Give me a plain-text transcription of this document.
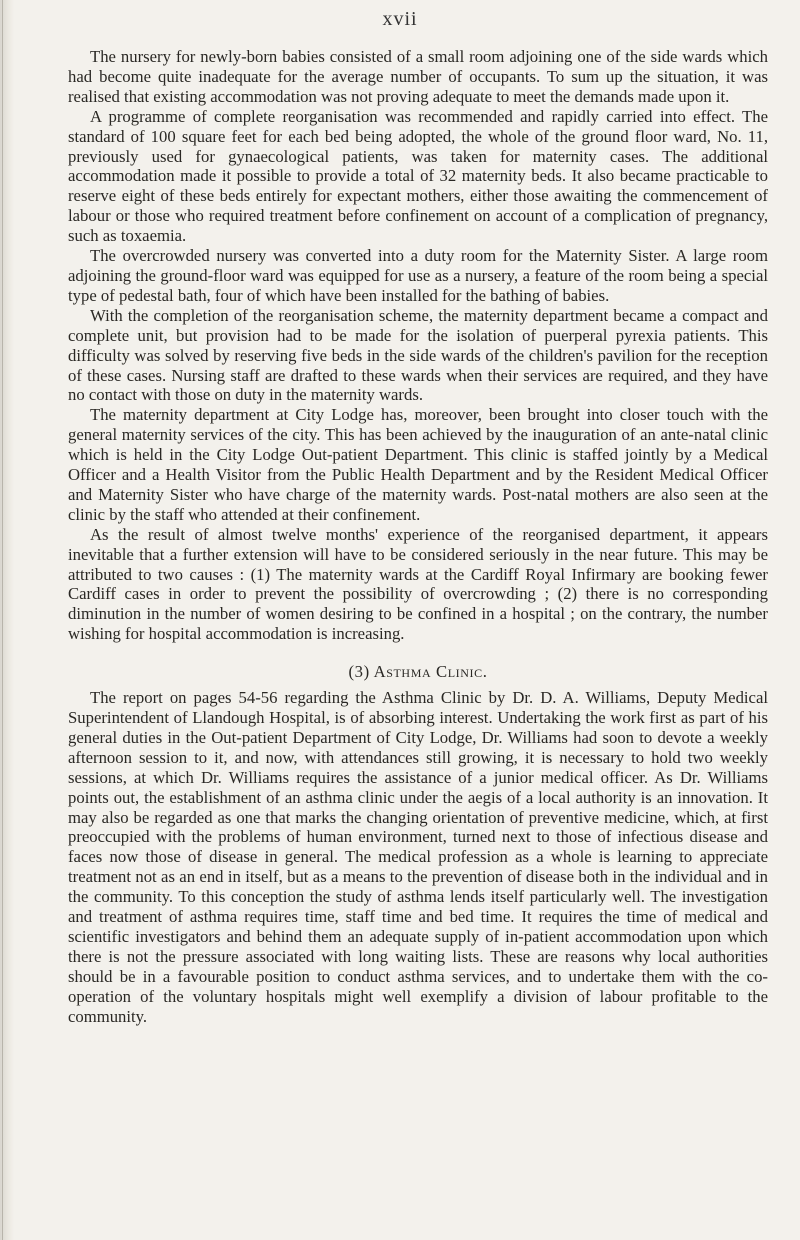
xvii

The nursery for newly-born babies consisted of a small room adjoining one of the side wards which had become quite inadequate for the average number of occupants. To sum up the situation, it was realised that existing accommodation was not proving adequate to meet the demands made upon it.

A programme of complete reorganisation was recommended and rapidly carried into effect. The standard of 100 square feet for each bed being adopted, the whole of the ground floor ward, No. 11, previously used for gynaecological patients, was taken for maternity cases. The additional accommodation made it possible to provide a total of 32 maternity beds. It also became practicable to reserve eight of these beds entirely for expectant mothers, either those awaiting the commencement of labour or those who required treatment before confinement on account of a complication of pregnancy, such as toxaemia.

The overcrowded nursery was converted into a duty room for the Maternity Sister. A large room adjoining the ground-floor ward was equipped for use as a nursery, a feature of the room being a special type of pedestal bath, four of which have been installed for the bathing of babies.

With the completion of the reorganisation scheme, the maternity department became a compact and complete unit, but provision had to be made for the isolation of puerperal pyrexia patients. This difficulty was solved by reserving five beds in the side wards of the children's pavilion for the reception of these cases. Nursing staff are drafted to these wards when their services are required, and they have no contact with those on duty in the maternity wards.

The maternity department at City Lodge has, moreover, been brought into closer touch with the general maternity services of the city. This has been achieved by the inauguration of an ante-natal clinic which is held in the City Lodge Out-patient Department. This clinic is staffed jointly by a Medical Officer and a Health Visitor from the Public Health Department and by the Resident Medical Officer and Maternity Sister who have charge of the maternity wards. Post-natal mothers are also seen at the clinic by the staff who attended at their confinement.

As the result of almost twelve months' experience of the reorganised department, it appears inevitable that a further extension will have to be considered seriously in the near future. This may be attributed to two causes : (1) The maternity wards at the Cardiff Royal Infirmary are booking fewer Cardiff cases in order to prevent the possibility of overcrowding ; (2) there is no corresponding diminution in the number of women desiring to be confined in a hospital ; on the contrary, the number wishing for hospital accommodation is increasing.

(3) Asthma Clinic.

The report on pages 54-56 regarding the Asthma Clinic by Dr. D. A. Williams, Deputy Medical Superintendent of Llandough Hospital, is of absorbing interest. Undertaking the work first as part of his general duties in the Out-patient Department of City Lodge, Dr. Williams had soon to devote a weekly afternoon session to it, and now, with attendances still growing, it is necessary to hold two weekly sessions, at which Dr. Williams requires the assistance of a junior medical officer. As Dr. Williams points out, the establishment of an asthma clinic under the aegis of a local authority is an innovation. It may also be regarded as one that marks the changing orientation of preventive medicine, which, at first preoccupied with the problems of human environment, turned next to those of infectious disease and faces now those of disease in general. The medical profession as a whole is learning to appreciate treatment not as an end in itself, but as a means to the prevention of disease both in the individual and in the community. To this conception the study of asthma lends itself particularly well. The investigation and treatment of asthma requires time, staff time and bed time. It requires the time of medical and scientific investigators and behind them an adequate supply of in-patient accommodation upon which there is not the pressure associated with long waiting lists. These are reasons why local authorities should be in a favourable position to conduct asthma services, and to undertake them with the co-operation of the voluntary hospitals might well exemplify a division of labour profitable to the community.
